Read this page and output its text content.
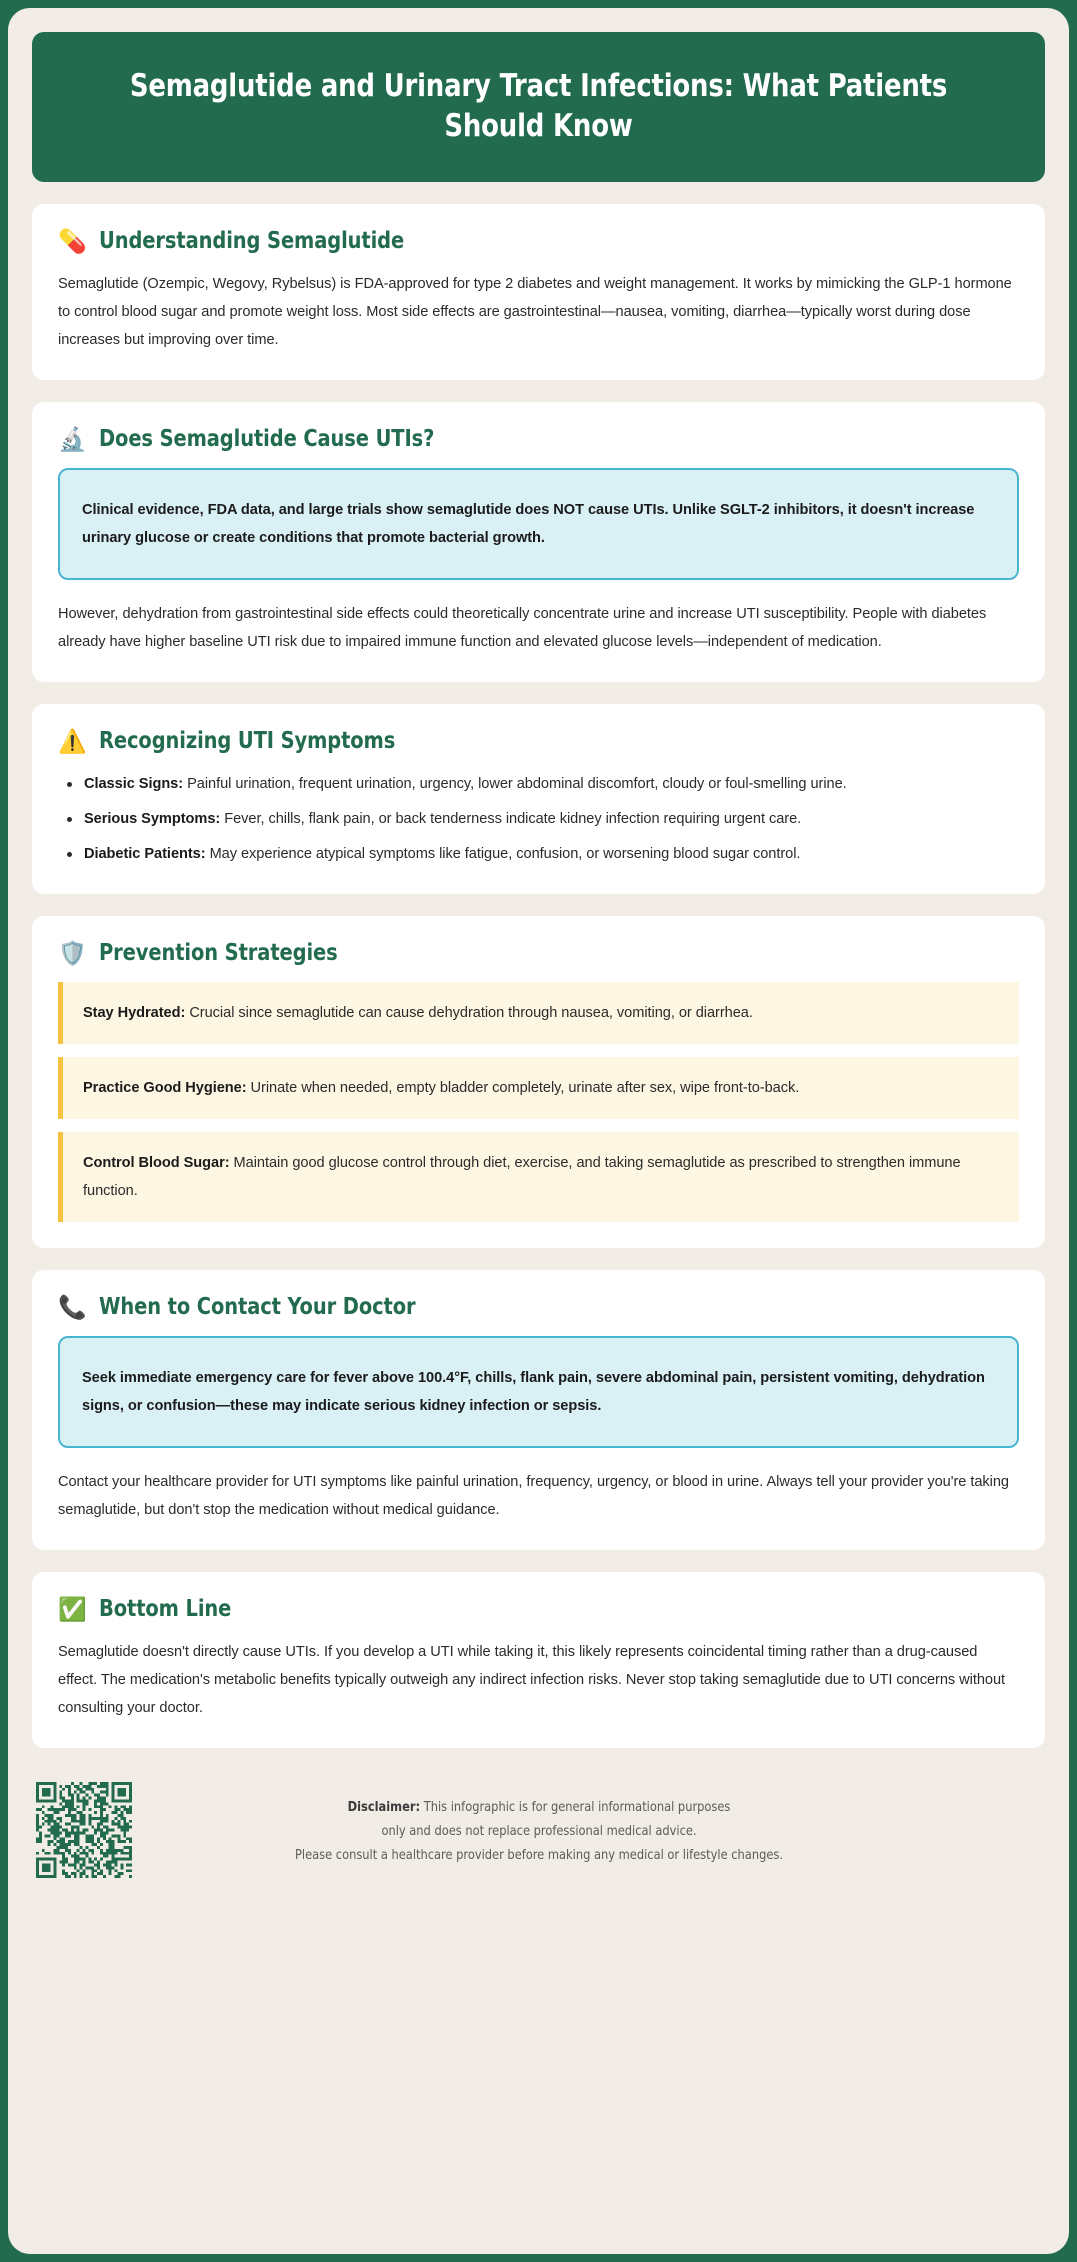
Semaglutide and Urinary Tract Infections: What Patients Should Know
💊 Understanding Semaglutide

Semaglutide (Ozempic, Wegovy, Rybelsus) is FDA-approved for type 2 diabetes and weight management. It works by mimicking the GLP-1 hormone to control blood sugar and promote weight loss. Most side effects are gastrointestinal—nausea, vomiting, diarrhea—typically worst during dose increases but improving over time.

🔬 Does Semaglutide Cause UTIs?

Clinical evidence, FDA data, and large trials show semaglutide does NOT cause UTIs. Unlike SGLT-2 inhibitors, it doesn't increase urinary glucose or create conditions that promote bacterial growth.

However, dehydration from gastrointestinal side effects could theoretically concentrate urine and increase UTI susceptibility. People with diabetes already have higher baseline UTI risk due to impaired immune function and elevated glucose levels—independent of medication.

⚠️ Recognizing UTI Symptoms
Classic Signs: Painful urination, frequent urination, urgency, lower abdominal discomfort, cloudy or foul-smelling urine.
Serious Symptoms: Fever, chills, flank pain, or back tenderness indicate kidney infection requiring urgent care.
Diabetic Patients: May experience atypical symptoms like fatigue, confusion, or worsening blood sugar control.
🛡️ Prevention Strategies
Stay Hydrated: Crucial since semaglutide can cause dehydration through nausea, vomiting, or diarrhea.
Practice Good Hygiene: Urinate when needed, empty bladder completely, urinate after sex, wipe front-to-back.
Control Blood Sugar: Maintain good glucose control through diet, exercise, and taking semaglutide as prescribed to strengthen immune function.
📞 When to Contact Your Doctor

Seek immediate emergency care for fever above 100.4°F, chills, flank pain, severe abdominal pain, persistent vomiting, dehydration signs, or confusion—these may indicate serious kidney infection or sepsis.

Contact your healthcare provider for UTI symptoms like painful urination, frequency, urgency, or blood in urine. Always tell your provider you're taking semaglutide, but don't stop the medication without medical guidance.

✅ Bottom Line

Semaglutide doesn't directly cause UTIs. If you develop a UTI while taking it, this likely represents coincidental timing rather than a drug-caused effect. The medication's metabolic benefits typically outweigh any indirect infection risks. Never stop taking semaglutide due to UTI concerns without consulting your doctor.

Disclaimer: This infographic is for general informational purposes
only and does not replace professional medical advice.
Please consult a healthcare provider before making any medical or lifestyle changes.
